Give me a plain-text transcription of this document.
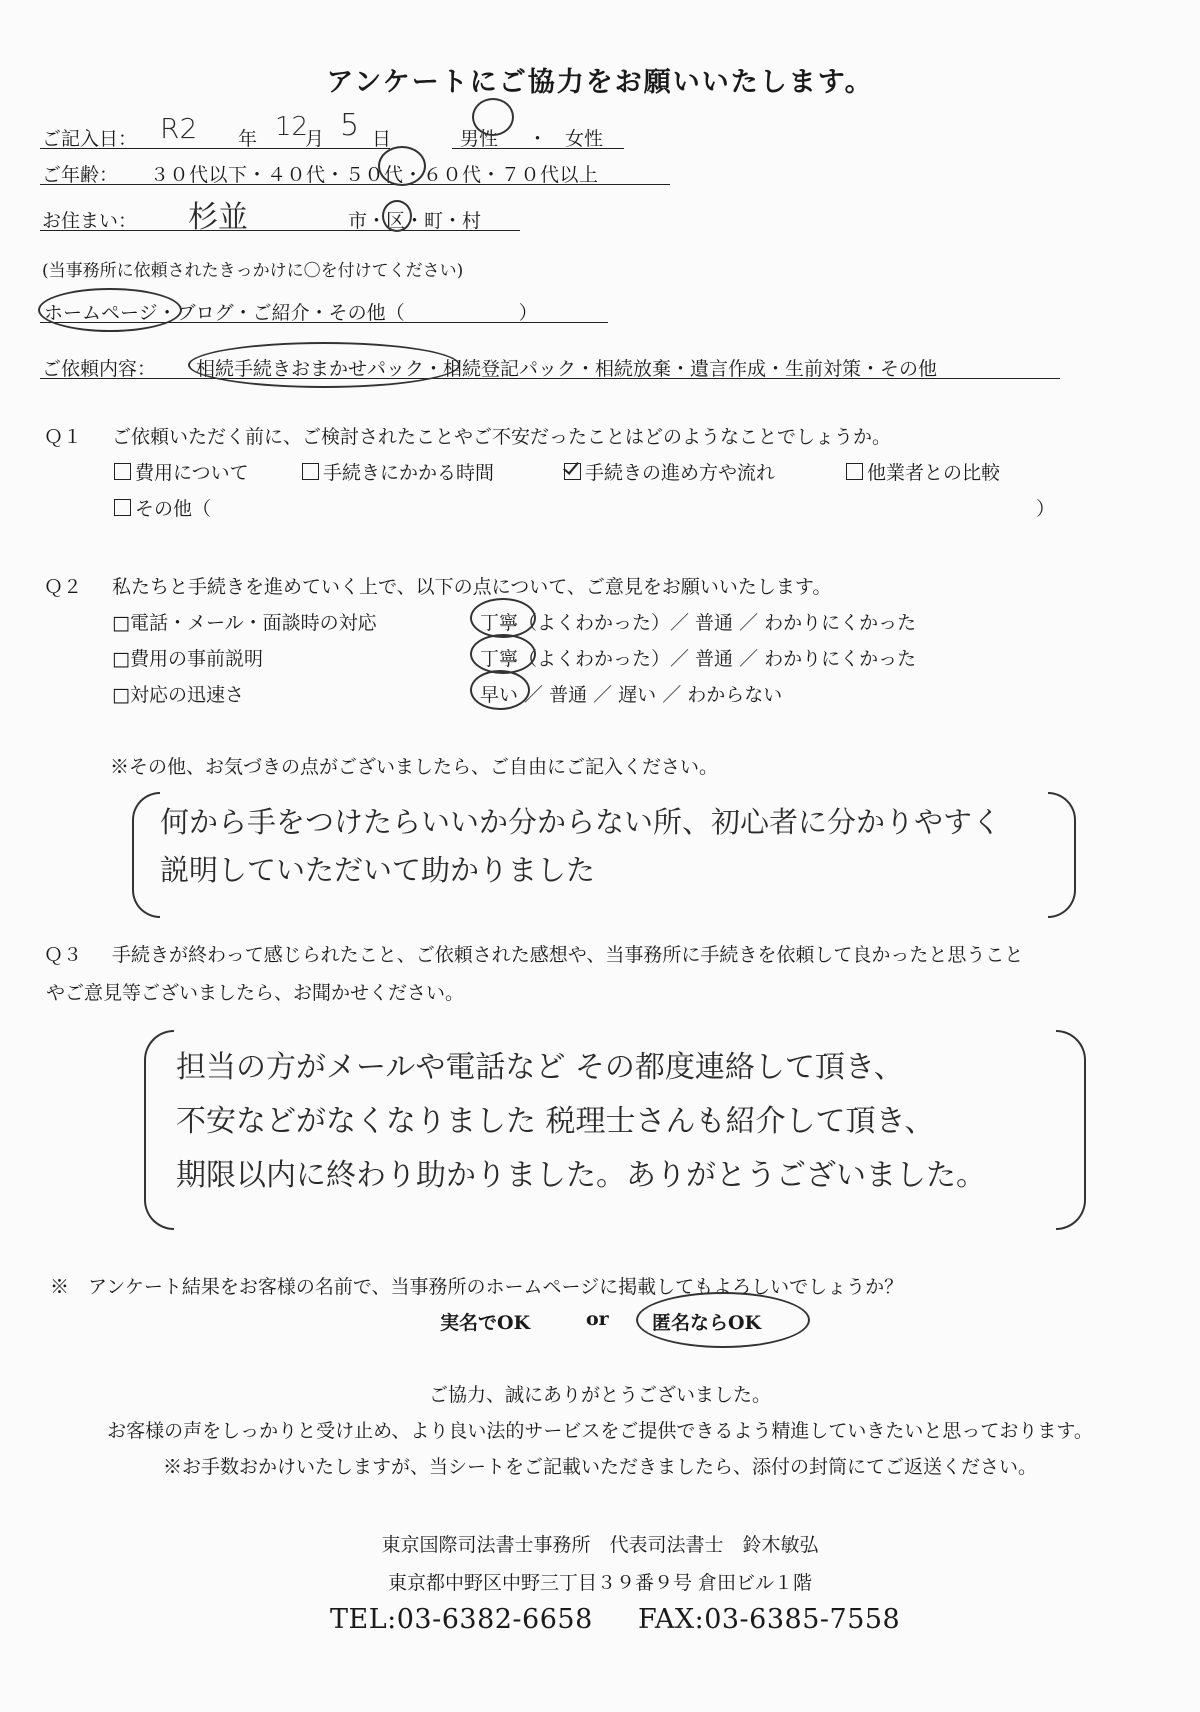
アンケートにご協力をお願いいたします。
ご記入日： R2 年 12
月 5 日	男性 ・ 女性
ご年齢： ３０代以下・４０代・５０代・６０代・７０代以上
お住まい： 杉並	市・区・町・村
(当事務所に依頼されたきっかけに〇を付けてください)
ホームページ・ブログ・ご紹介・その他（　　　　　　）
ご依頼内容： 相続手続きおまかせパック・相続登記パック・相続放棄・遺言作成・生前対策・その他
Ｑ１ ご依頼いただく前に、ご検討されたことやご不安だったことはどのようなことでしょうか。
費用について	手続きにかかる時間	手続きの進め方や流れ	他業者との比較
その他（	）
Ｑ２ 私たちと手続きを進めていく上で、以下の点について、ご意見をお願いいたします。
□電話・メール・面談時の対応	丁寧（よくわかった）／ 普通 ／ わかりにくかった
□費用の事前説明	丁寧（よくわかった）／ 普通 ／ わかりにくかった
□対応の迅速さ	早い ／ 普通 ／ 遅い ／ わからない
※その他、お気づきの点がございましたら、ご自由にご記入ください。
何から手をつけたらいいか分からない所、初心者に分かりやすく
説明していただいて助かりました
Ｑ３ 手続きが終わって感じられたこと、ご依頼された感想や、当事務所に手続きを依頼して良かったと思うこと
やご意見等ございましたら、お聞かせください。
担当の方がメールや電話など その都度連絡して頂き、
不安などがなくなりました 税理士さんも紹介して頂き、
期限以内に終わり助かりました。ありがとうございました。
※　アンケート結果をお客様の名前で、当事務所のホームページに掲載してもよろしいでしょうか？
実名でOK	or 匿名ならOK
ご協力、誠にありがとうございました。
お客様の声をしっかりと受け止め、より良い法的サービスをご提供できるよう精進していきたいと思っております。
※お手数おかけいたしますが、当シートをご記載いただきましたら、添付の封筒にてご返送ください。
東京国際司法書士事務所　代表司法書士　鈴木敏弘
東京都中野区中野三丁目３９番９号 倉田ビル１階
TEL:03-6382-6658 FAX:03-6385-7558
